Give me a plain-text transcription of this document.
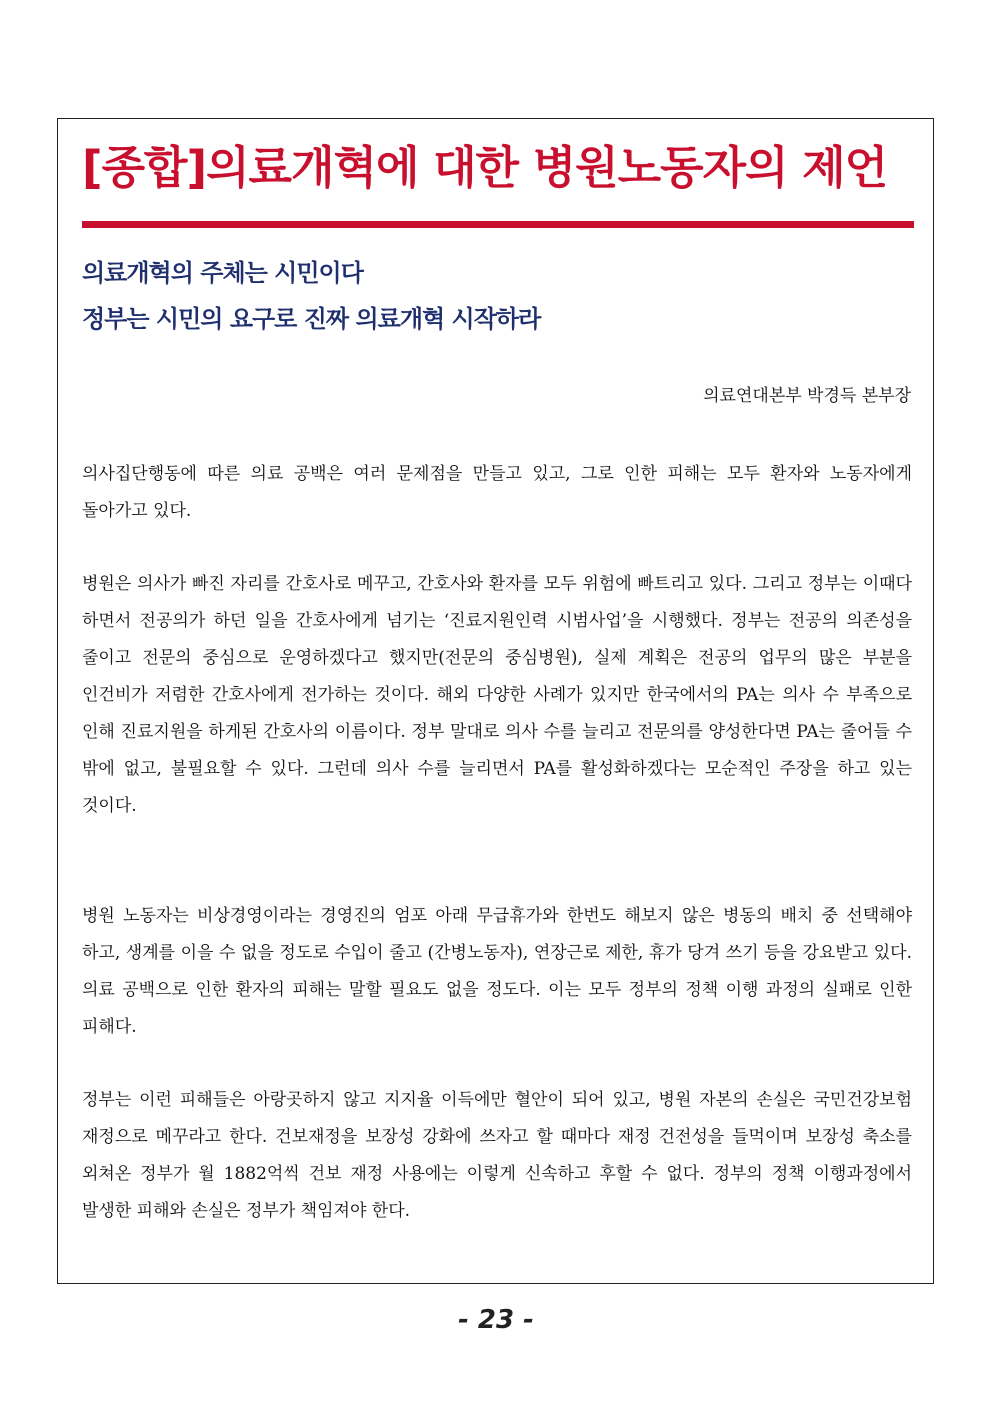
[종합]의료개혁에 대한 병원노동자의 제언
의료개혁의 주체는 시민이다
정부는 시민의 요구로 진짜 의료개혁 시작하라
의료연대본부 박경득 본부장

의사집단행동에 따른 의료 공백은 여러 문제점을 만들고 있고, 그로 인한 피해는 모두 환자와 노동자에게 돌아가고 있다.

병원은 의사가 빠진 자리를 간호사로 메꾸고, 간호사와 환자를 모두 위험에 빠트리고 있다. 그리고 정부는 이때다 하면서 전공의가 하던 일을 간호사에게 넘기는 ‘진료지원인력 시범사업’을 시행했다. 정부는 전공의 의존성을 줄이고 전문의 중심으로 운영하겠다고 했지만(전문의 중심병원), 실제 계획은 전공의 업무의 많은 부분을 인건비가 저렴한 간호사에게 전가하는 것이다. 해외 다양한 사례가 있지만 한국에서의 PA는 의사 수 부족으로 인해 진료지원을 하게된 간호사의 이름이다. 정부 말대로 의사 수를 늘리고 전문의를 양성한다면 PA는 줄어들 수 밖에 없고, 불필요할 수 있다. 그런데 의사 수를 늘리면서 PA를 활성화하겠다는 모순적인 주장을 하고 있는 것이다.

병원 노동자는 비상경영이라는 경영진의 엄포 아래 무급휴가와 한번도 해보지 않은 병동의 배치 중 선택해야 하고, 생계를 이을 수 없을 정도로 수입이 줄고 (간병노동자), 연장근로 제한, 휴가 당겨 쓰기 등을 강요받고 있다. 의료 공백으로 인한 환자의 피해는 말할 필요도 없을 정도다. 이는 모두 정부의 정책 이행 과정의 실패로 인한 피해다.

정부는 이런 피해들은 아랑곳하지 않고 지지율 이득에만 혈안이 되어 있고, 병원 자본의 손실은 국민건강보험 재정으로 메꾸라고 한다. 건보재정을 보장성 강화에 쓰자고 할 때마다 재정 건전성을 들먹이며 보장성 축소를 외쳐온 정부가 월 1882억씩 건보 재정 사용에는 이렇게 신속하고 후할 수 없다. 정부의 정책 이행과정에서 발생한 피해와 손실은 정부가 책임져야 한다.

- 23 -
